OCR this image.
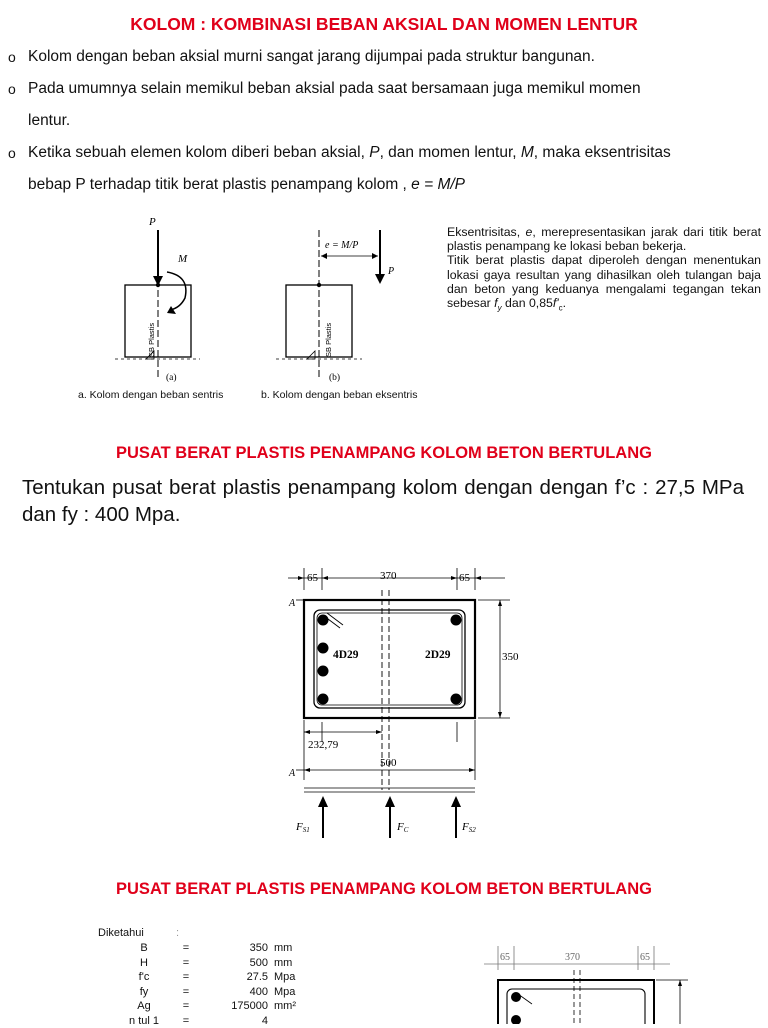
KOLOM : KOMBINASI BEBAN AKSIAL DAN MOMEN LENTUR
o Kolom dengan beban aksial murni sangat jarang dijumpai pada struktur bangunan.
o Pada umumnya selain memikul beban aksial pada saat bersamaan juga memikul momen
lentur.
o Ketika sebuah elemen kolom diberi beban aksial, P, dan momen lentur, M, maka eksentrisitas
bebap P terhadap titik berat plastis penampang kolom , e = M/P
P
M
SB Plastis
(a)
P
e = M/P
SB Plastis
(b)
a. Kolom dengan beban sentris	b. Kolom dengan beban eksentris
Eksentrisitas, e, merepresentasikan jarak dari titik berat plastis penampang ke lokasi beban bekerja.
Titik berat plastis dapat diperoleh dengan menentukan lokasi gaya resultan yang dihasilkan oleh tulangan baja dan beton yang keduanya mengalami tegangan tekan sebesar $f_y$ dan $0,85f'_c$.
PUSAT BERAT PLASTIS PENAMPANG KOLOM BETON BERTULANG
Tentukan pusat berat plastis penampang kolom dengan dengan f’c : 27,5 MPa dan fy : 400 Mpa.
65	370	65
4D29	2D29
A
A
350
232,79
500
FS1	FC	FS2
PUSAT BERAT PLASTIS PENAMPANG KOLOM BETON BERTULANG
Diketahui	:
B	=	350	mm
H	=	500	mm
f'c	=	27.5	Mpa
fy	=	400	Mpa
Ag	=	175000	mm²
n tul 1	=	4	
65	370	65
